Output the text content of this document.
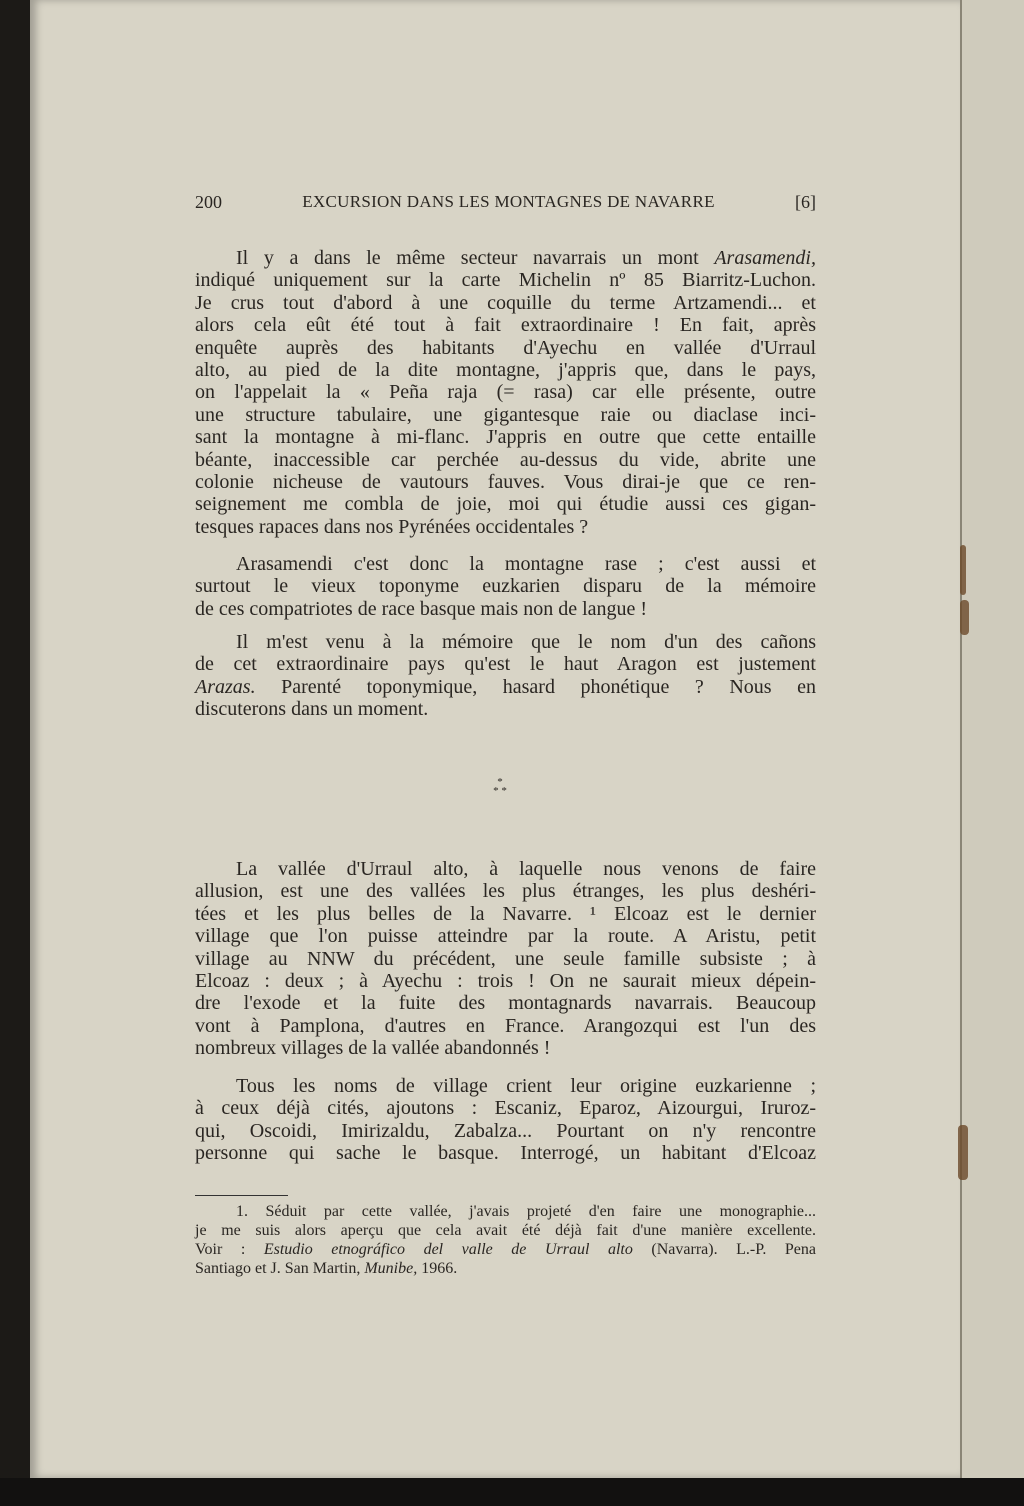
200	EXCURSION DANS LES MONTAGNES DE NAVARRE	[6]
Il y a dans le même secteur navarrais un mont Arasamendi,
indiqué uniquement sur la carte Michelin nº 85 Biarritz-Luchon.
Je crus tout d'abord à une coquille du terme Artzamendi... et
alors cela eût été tout à fait extraordinaire ! En fait, après
enquête auprès des habitants d'Ayechu en vallée d'Urraul
alto, au pied de la dite montagne, j'appris que, dans le pays,
on l'appelait la « Peña raja (= rasa) car elle présente, outre
une structure tabulaire, une gigantesque raie ou diaclase inci-
sant la montagne à mi-flanc. J'appris en outre que cette entaille
béante, inaccessible car perchée au-dessus du vide, abrite une
colonie nicheuse de vautours fauves. Vous dirai-je que ce ren-
seignement me combla de joie, moi qui étudie aussi ces gigan-
tesques rapaces dans nos Pyrénées occidentales ?
Arasamendi c'est donc la montagne rase ; c'est aussi et
surtout le vieux toponyme euzkarien disparu de la mémoire
de ces compatriotes de race basque mais non de langue !
Il m'est venu à la mémoire que le nom d'un des cañons
de cet extraordinaire pays qu'est le haut Aragon est justement
Arazas. Parenté toponymique, hasard phonétique ? Nous en
discuterons dans un moment.
*
* *
La vallée d'Urraul alto, à laquelle nous venons de faire
allusion, est une des vallées les plus étranges, les plus deshéri-
tées et les plus belles de la Navarre. ¹ Elcoaz est le dernier
village que l'on puisse atteindre par la route. A Aristu, petit
village au NNW du précédent, une seule famille subsiste ; à
Elcoaz : deux ; à Ayechu : trois ! On ne saurait mieux dépein-
dre l'exode et la fuite des montagnards navarrais. Beaucoup
vont à Pamplona, d'autres en France. Arangozqui est l'un des
nombreux villages de la vallée abandonnés !
Tous les noms de village crient leur origine euzkarienne ;
à ceux déjà cités, ajoutons : Escaniz, Eparoz, Aizourgui, Iruroz-
qui, Oscoidi, Imirizaldu, Zabalza... Pourtant on n'y rencontre
personne qui sache le basque. Interrogé, un habitant d'Elcoaz
1. Séduit par cette vallée, j'avais projeté d'en faire une monographie...
je me suis alors aperçu que cela avait été déjà fait d'une manière excellente.
Voir : Estudio etnográfico del valle de Urraul alto (Navarra). L.-P. Pena
Santiago et J. San Martin, Munibe, 1966.
